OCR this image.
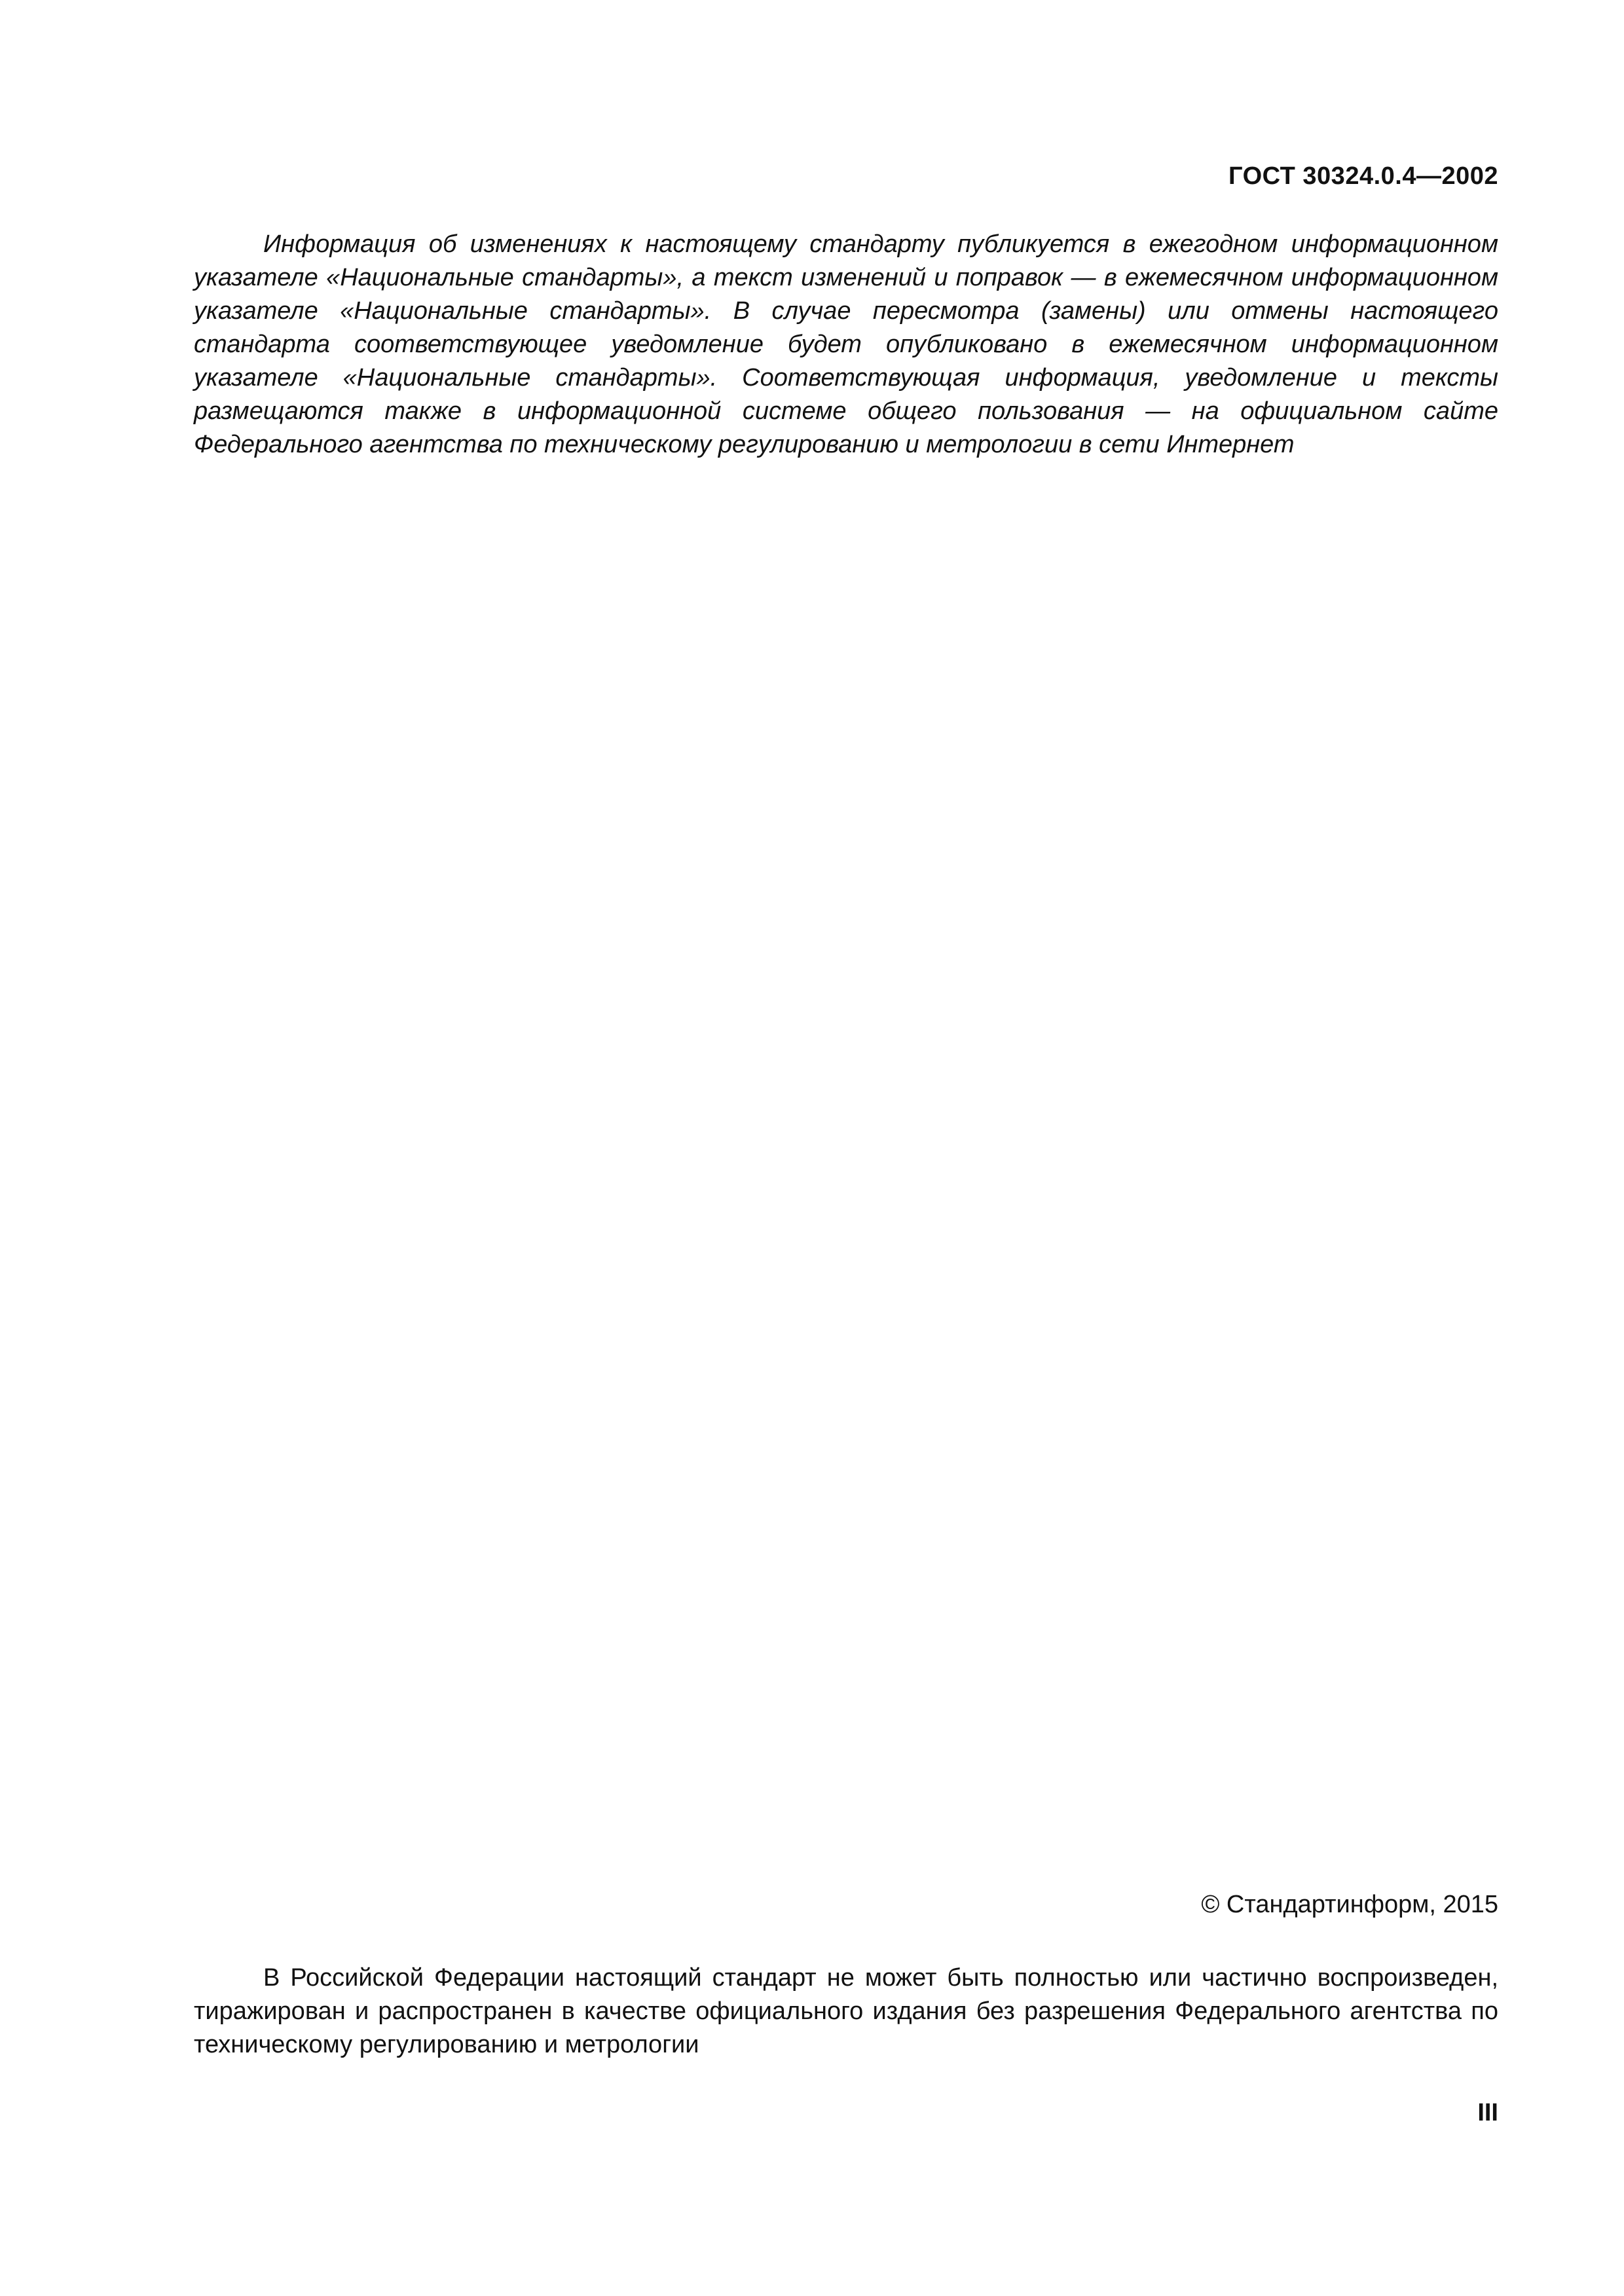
ГОСТ 30324.0.4—2002

Информация об изменениях к настоящему стандарту публикуется в ежегодном информационном указателе «Национальные стандарты», а текст изменений и поправок — в ежемесячном информационном указателе «Национальные стандарты». В случае пересмотра (замены) или отмены настоящего стандарта соответствующее уведомление будет опубликовано в ежемесячном информационном указателе «Национальные стандарты». Соответствующая информация, уведомление и тексты размещаются также в информационной системе общего пользования — на официальном сайте Федерального агентства по техническому регулированию и метрологии в сети Интернет

© Стандартинформ, 2015

В Российской Федерации настоящий стандарт не может быть полностью или частично воспроизведен, тиражирован и распространен в качестве официального издания без разрешения Федерального агентства по техническому регулированию и метрологии

III
